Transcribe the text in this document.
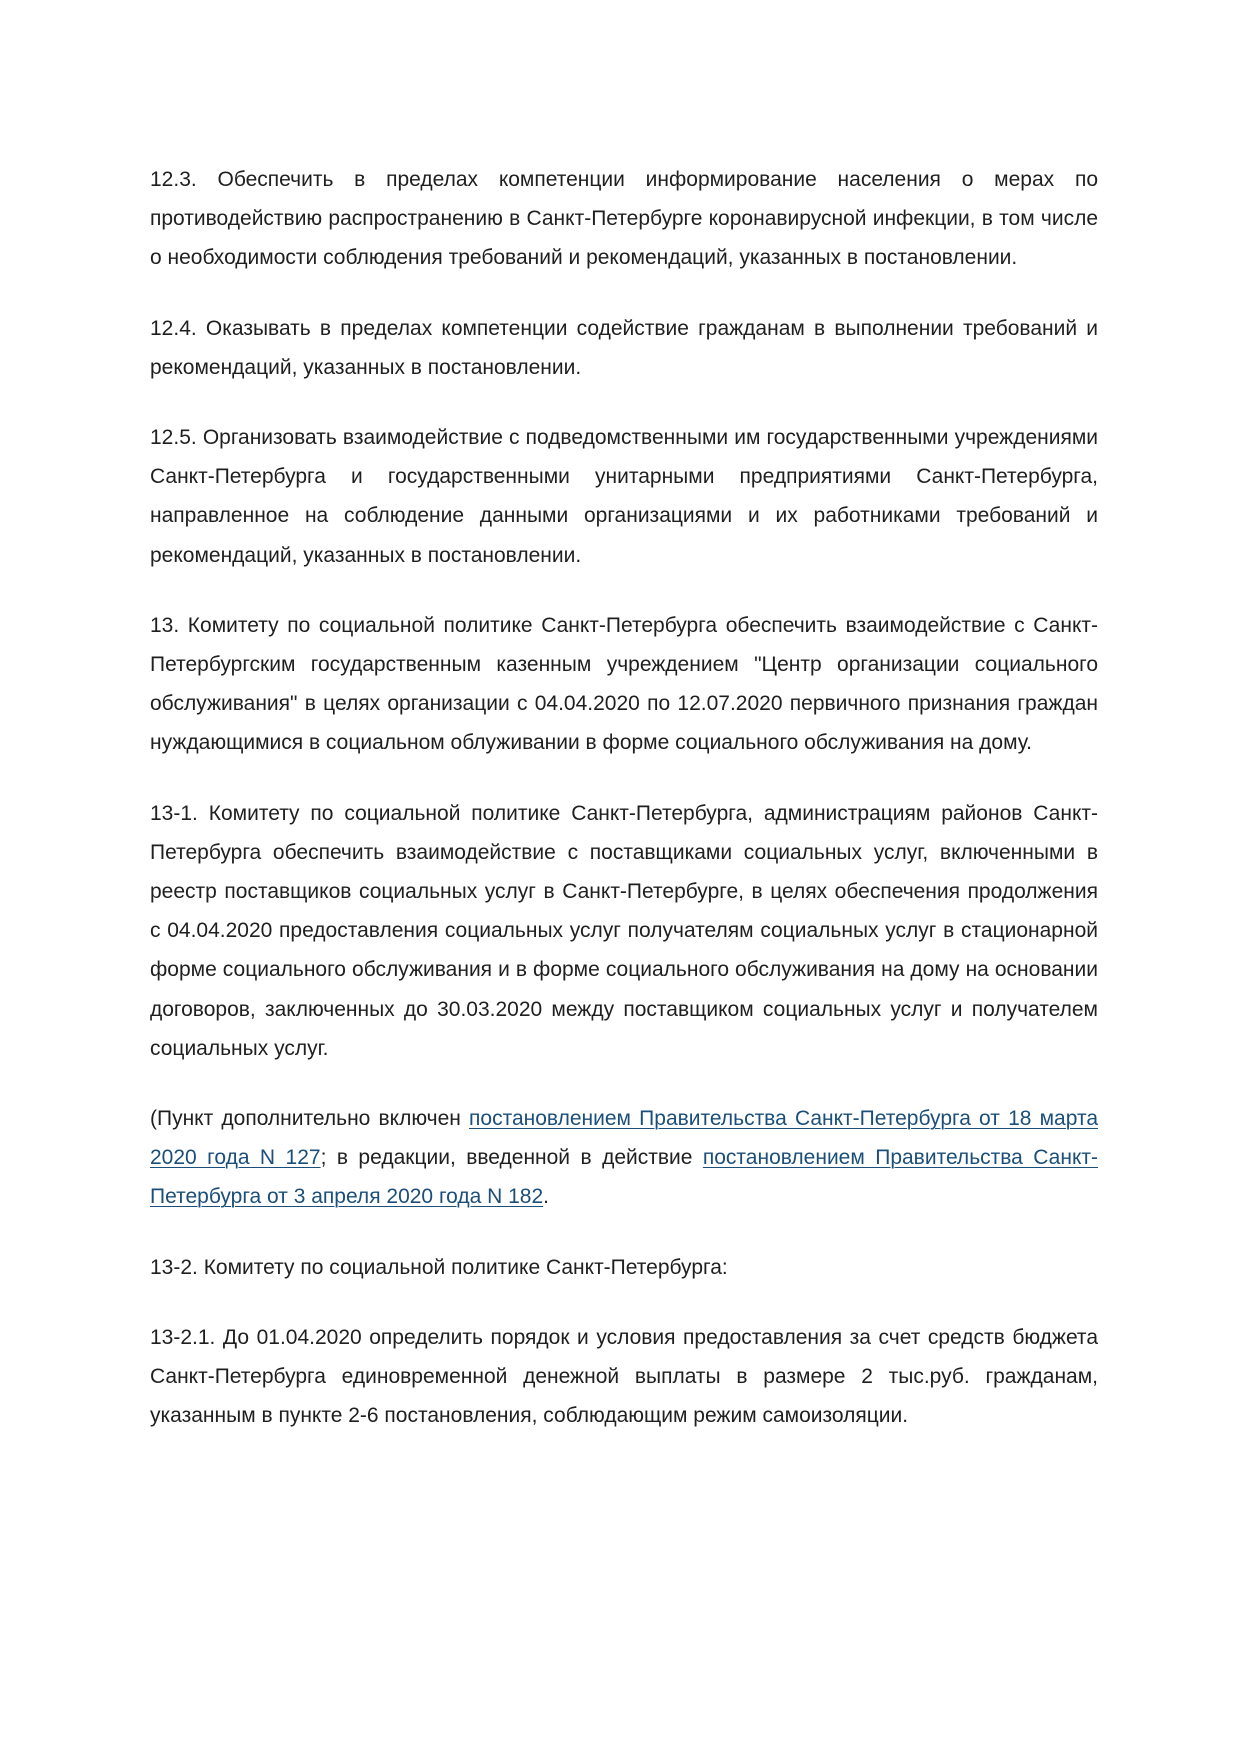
12.3. Обеспечить в пределах компетенции информирование населения о мерах по противодействию распространению в Санкт-Петербурге коронавирусной инфекции, в том числе о необходимости соблюдения требований и рекомендаций, указанных в постановлении.

12.4. Оказывать в пределах компетенции содействие гражданам в выполнении требований и рекомендаций, указанных в постановлении.

12.5. Организовать взаимодействие с подведомственными им государственными учреждениями Санкт-Петербурга и государственными унитарными предприятиями Санкт-Петербурга, направленное на соблюдение данными организациями и их работниками требований и рекомендаций, указанных в постановлении.

13. Комитету по социальной политике Санкт-Петербурга обеспечить взаимодействие с Санкт-Петербургским государственным казенным учреждением "Центр организации социального обслуживания" в целях организации с 04.04.2020 по 12.07.2020 первичного признания граждан нуждающимися в социальном облуживании в форме социального обслуживания на дому.

13-1. Комитету по социальной политике Санкт-Петербурга, администрациям районов Санкт-Петербурга обеспечить взаимодействие с поставщиками социальных услуг, включенными в реестр поставщиков социальных услуг в Санкт-Петербурге, в целях обеспечения продолжения с 04.04.2020 предоставления социальных услуг получателям социальных услуг в стационарной форме социального обслуживания и в форме социального обслуживания на дому на основании договоров, заключенных до 30.03.2020 между поставщиком социальных услуг и получателем социальных услуг.

(Пункт дополнительно включен постановлением Правительства Санкт-Петербурга от 18 марта 2020 года N 127; в редакции, введенной в действие постановлением Правительства Санкт-Петербурга от 3 апреля 2020 года N 182.

13-2. Комитету по социальной политике Санкт-Петербурга:

13-2.1. До 01.04.2020 определить порядок и условия предоставления за счет средств бюджета Санкт-Петербурга единовременной денежной выплаты в размере 2 тыс.руб. гражданам, указанным в пункте 2-6 постановления, соблюдающим режим самоизоляции.
